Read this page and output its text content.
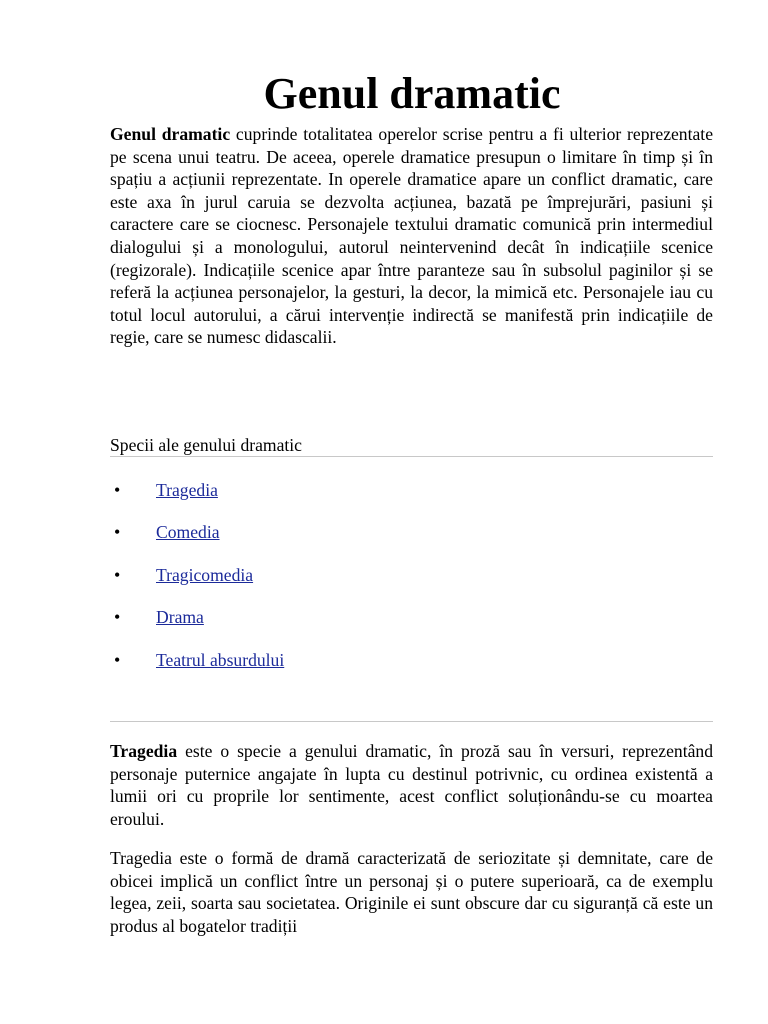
Genul dramatic

Genul dramatic cuprinde totalitatea operelor scrise pentru a fi ulterior reprezentate pe scena unui teatru. De aceea, operele dramatice presupun o limitare în timp și în spațiu a acțiunii reprezentate. In operele dramatice apare un conflict dramatic, care este axa în jurul caruia se dezvolta acțiunea, bazată pe împrejurări, pasiuni și caractere care se ciocnesc. Personajele textului dramatic comunică prin intermediul dialogului și a monologului, autorul neintervenind decât în indicațiile scenice (regizorale). Indicațiile scenice apar între paranteze sau în subsolul paginilor și se referă la acțiunea personajelor, la gesturi, la decor, la mimică etc. Personajele iau cu totul locul autorului, a cărui intervenție indirectă se manifestă prin indicațiile de regie, care se numesc didascalii.

Specii ale genului dramatic

• Tragedia
• Comedia
• Tragicomedia
• Drama
• Teatrul absurdului

Tragedia este o specie a genului dramatic, în proză sau în versuri, reprezentând personaje puternice angajate în lupta cu destinul potrivnic, cu ordinea existentă a lumii ori cu proprile lor sentimente, acest conflict soluționându-se cu moartea eroului.

Tragedia este o formă de dramă caracterizată de seriozitate și demnitate, care de obicei implică un conflict între un personaj și o putere superioară, ca de exemplu legea, zeii, soarta sau societatea. Originile ei sunt obscure dar cu siguranță că este un produs al bogatelor tradiții
